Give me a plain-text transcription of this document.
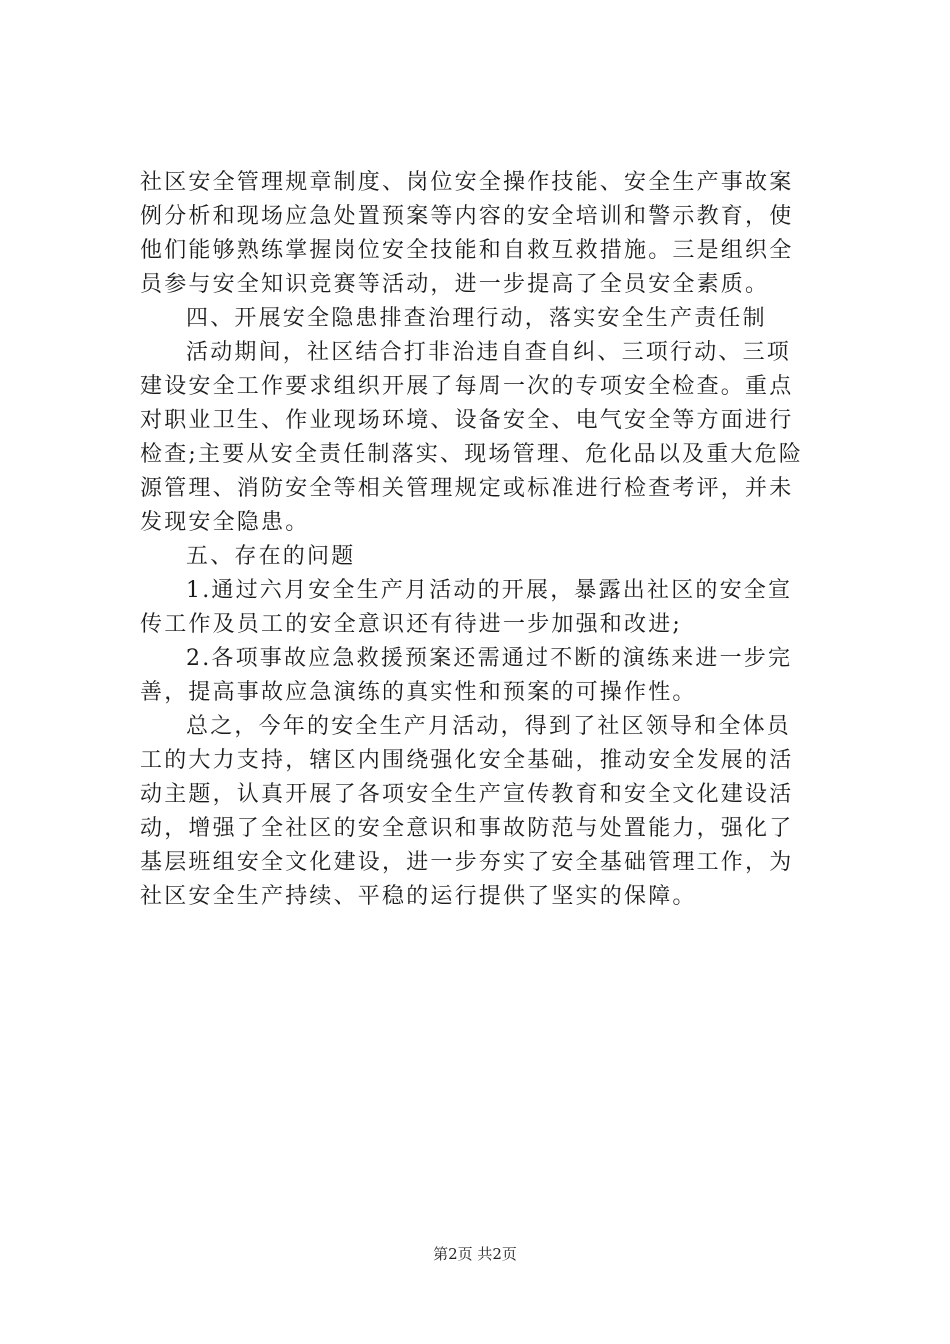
社区安全管理规章制度、岗位安全操作技能、安全生产事故案
例分析和现场应急处置预案等内容的安全培训和警示教育，使
他们能够熟练掌握岗位安全技能和自救互救措施。三是组织全
员参与安全知识竞赛等活动，进一步提高了全员安全素质。
四、开展安全隐患排查治理行动，落实安全生产责任制
活动期间，社区结合打非治违自查自纠、三项行动、三项
建设安全工作要求组织开展了每周一次的专项安全检查。重点
对职业卫生、作业现场环境、设备安全、电气安全等方面进行
检查;主要从安全责任制落实、现场管理、危化品以及重大危险
源管理、消防安全等相关管理规定或标准进行检查考评，并未
发现安全隐患。
五、存在的问题
1.通过六月安全生产月活动的开展，暴露出社区的安全宣
传工作及员工的安全意识还有待进一步加强和改进;
2.各项事故应急救援预案还需通过不断的演练来进一步完
善，提高事故应急演练的真实性和预案的可操作性。
总之，今年的安全生产月活动，得到了社区领导和全体员
工的大力支持，辖区内围绕强化安全基础，推动安全发展的活
动主题，认真开展了各项安全生产宣传教育和安全文化建设活
动，增强了全社区的安全意识和事故防范与处置能力，强化了
基层班组安全文化建设，进一步夯实了安全基础管理工作，为
社区安全生产持续、平稳的运行提供了坚实的保障。
第2页 共2页
